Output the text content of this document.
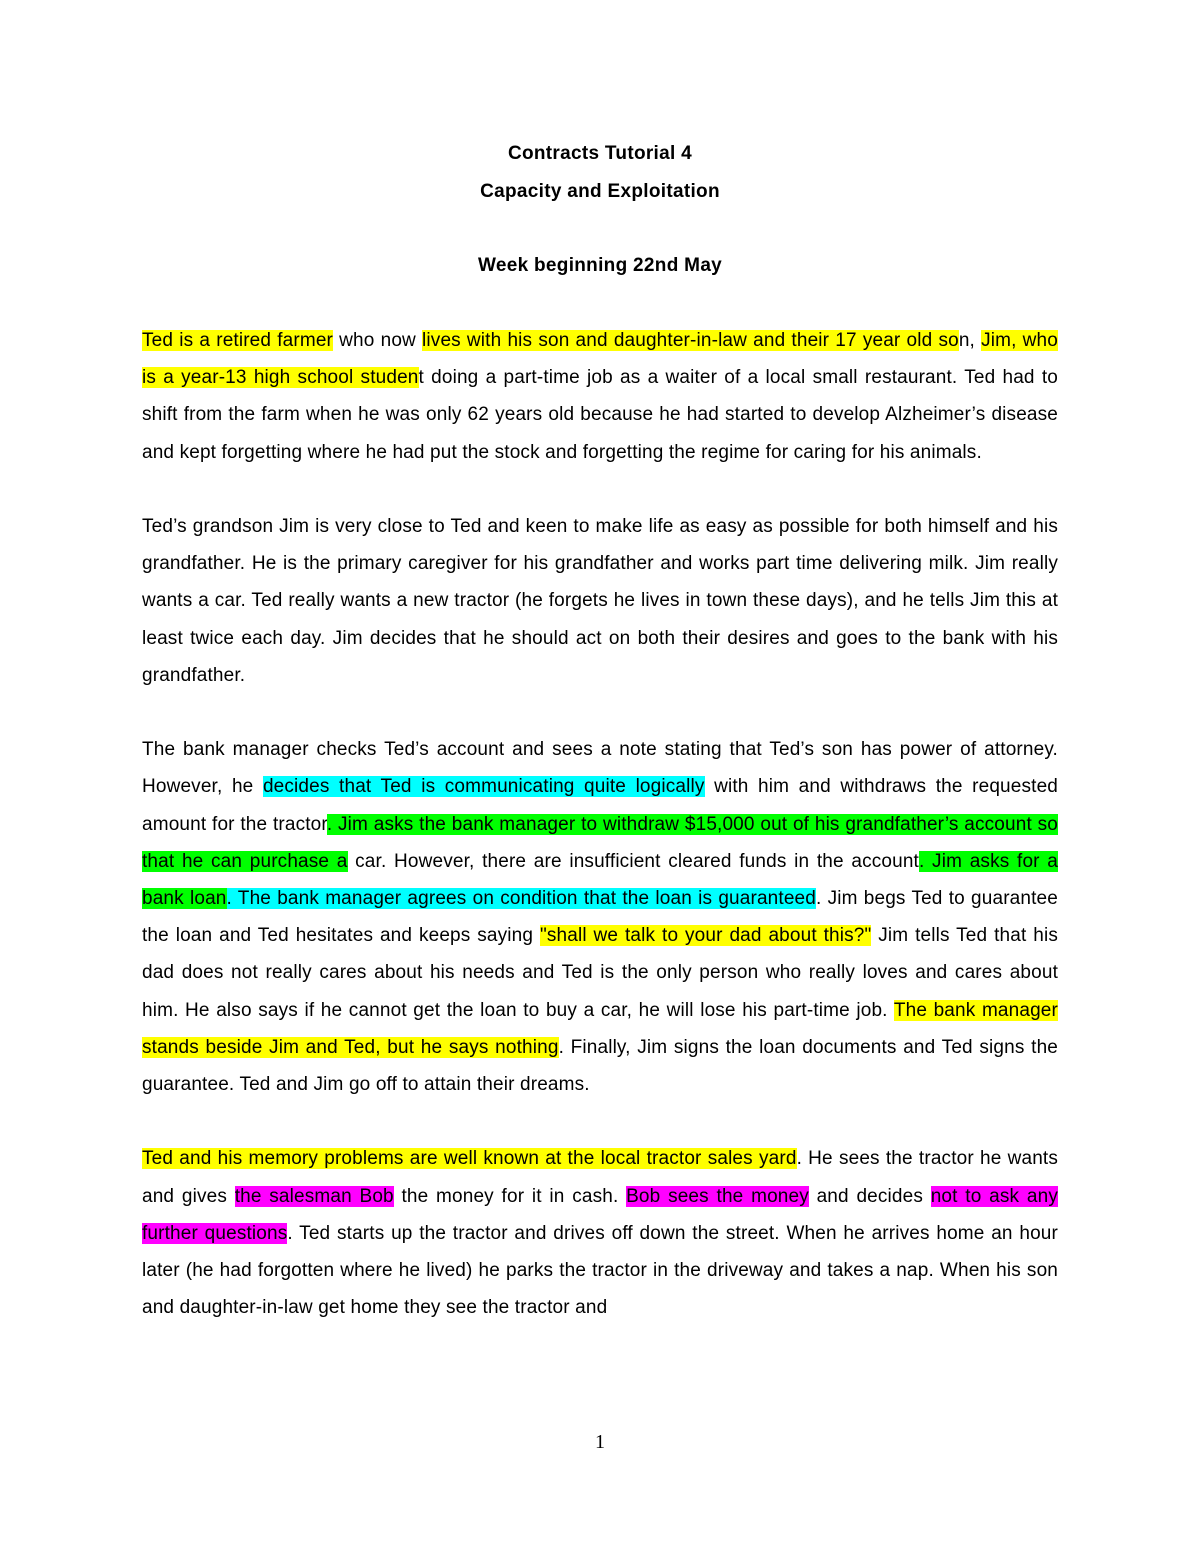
Contracts Tutorial 4
Capacity and Exploitation
Week beginning 22nd May

Ted is a retired farmer who now lives with his son and daughter-in-law and their 17 year old son, Jim, who is a year-13 high school student doing a part-time job as a waiter of a local small restaurant. Ted had to shift from the farm when he was only 62 years old because he had started to develop Alzheimer’s disease and kept forgetting where he had put the stock and forgetting the regime for caring for his animals.

Ted’s grandson Jim is very close to Ted and keen to make life as easy as possible for both himself and his grandfather. He is the primary caregiver for his grandfather and works part time delivering milk. Jim really wants a car. Ted really wants a new tractor (he forgets he lives in town these days), and he tells Jim this at least twice each day. Jim decides that he should act on both their desires and goes to the bank with his grandfather.

The bank manager checks Ted’s account and sees a note stating that Ted’s son has power of attorney. However, he decides that Ted is communicating quite logically with him and withdraws the requested amount for the tractor. Jim asks the bank manager to withdraw $15,000 out of his grandfather’s account so that he can purchase a car. However, there are insufficient cleared funds in the account. Jim asks for a bank loan. The bank manager agrees on condition that the loan is guaranteed. Jim begs Ted to guarantee the loan and Ted hesitates and keeps saying "shall we talk to your dad about this?" Jim tells Ted that his dad does not really cares about his needs and Ted is the only person who really loves and cares about him. He also says if he cannot get the loan to buy a car, he will lose his part-time job. The bank manager stands beside Jim and Ted, but he says nothing. Finally, Jim signs the loan documents and Ted signs the guarantee. Ted and Jim go off to attain their dreams.

Ted and his memory problems are well known at the local tractor sales yard. He sees the tractor he wants and gives the salesman Bob the money for it in cash. Bob sees the money and decides not to ask any further questions. Ted starts up the tractor and drives off down the street. When he arrives home an hour later (he had forgotten where he lived) he parks the tractor in the driveway and takes a nap. When his son and daughter-in-law get home they see the tractor and

1
